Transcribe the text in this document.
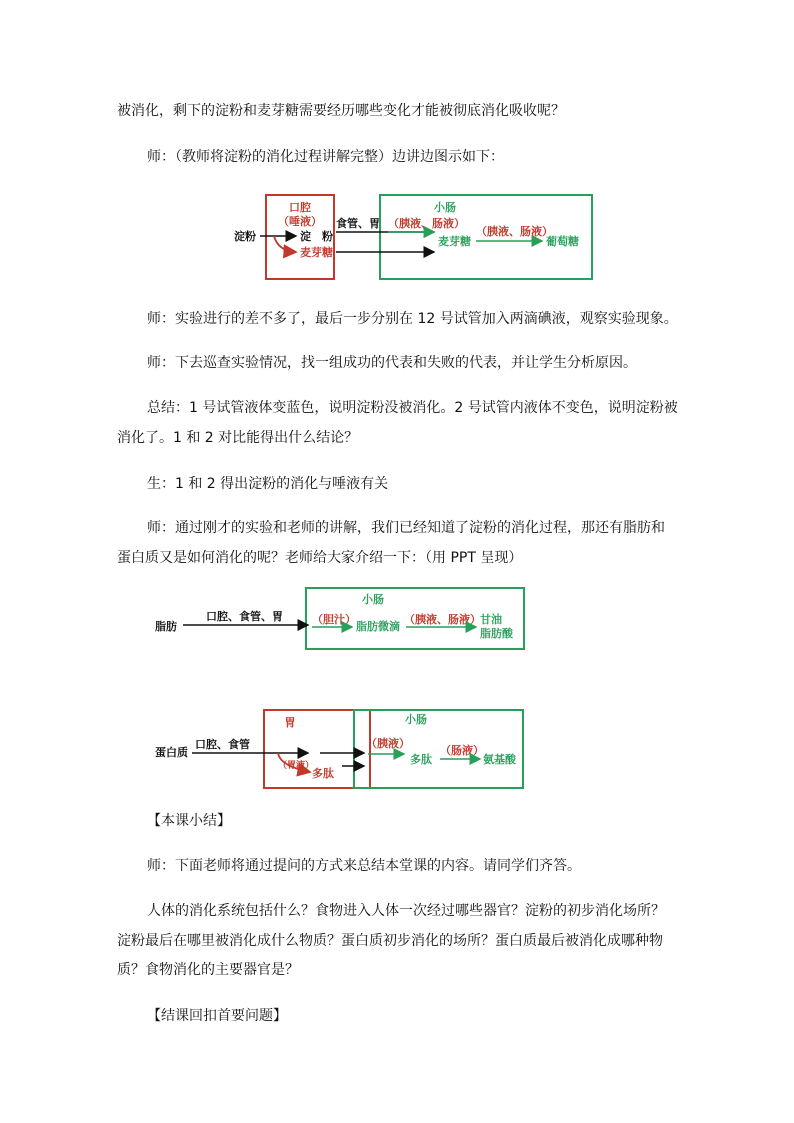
被消化，剩下的淀粉和麦芽糖需要经历哪些变化才能被彻底消化吸收呢？
师：（教师将淀粉的消化过程讲解完整）边讲边图示如下：
口腔
（唾液）
小肠
淀粉	淀　粉
麦芽糖
食管、胃 （胰液、肠液）
麦芽糖
（胰液、肠液）
葡萄糖
师：实验进行的差不多了，最后一步分别在 12 号试管加入两滴碘液，观察实验现象。
师：下去巡查实验情况，找一组成功的代表和失败的代表，并让学生分析原因。
总结：1 号试管液体变蓝色，说明淀粉没被消化。2 号试管内液体不变色，说明淀粉被
消化了。1 和 2 对比能得出什么结论？
生：1 和 2 得出淀粉的消化与唾液有关
师：通过刚才的实验和老师的讲解，我们已经知道了淀粉的消化过程，那还有脂肪和
蛋白质又是如何消化的呢？老师给大家介绍一下：（用 PPT 呈现）
小肠
脂肪
口腔、食管、胃	（胆汁）
脂肪微滴
（胰液、肠液） 甘油
脂肪酸
胃	小肠
蛋白质
口腔、食管
（胃液）
多肽
（胰液）
多肽
（肠液）
氨基酸
【本课小结】
师：下面老师将通过提问的方式来总结本堂课的内容。请同学们齐答。
人体的消化系统包括什么？食物进入人体一次经过哪些器官？淀粉的初步消化场所？
淀粉最后在哪里被消化成什么物质？蛋白质初步消化的场所？蛋白质最后被消化成哪种物
质？食物消化的主要器官是？
【结课回扣首要问题】
